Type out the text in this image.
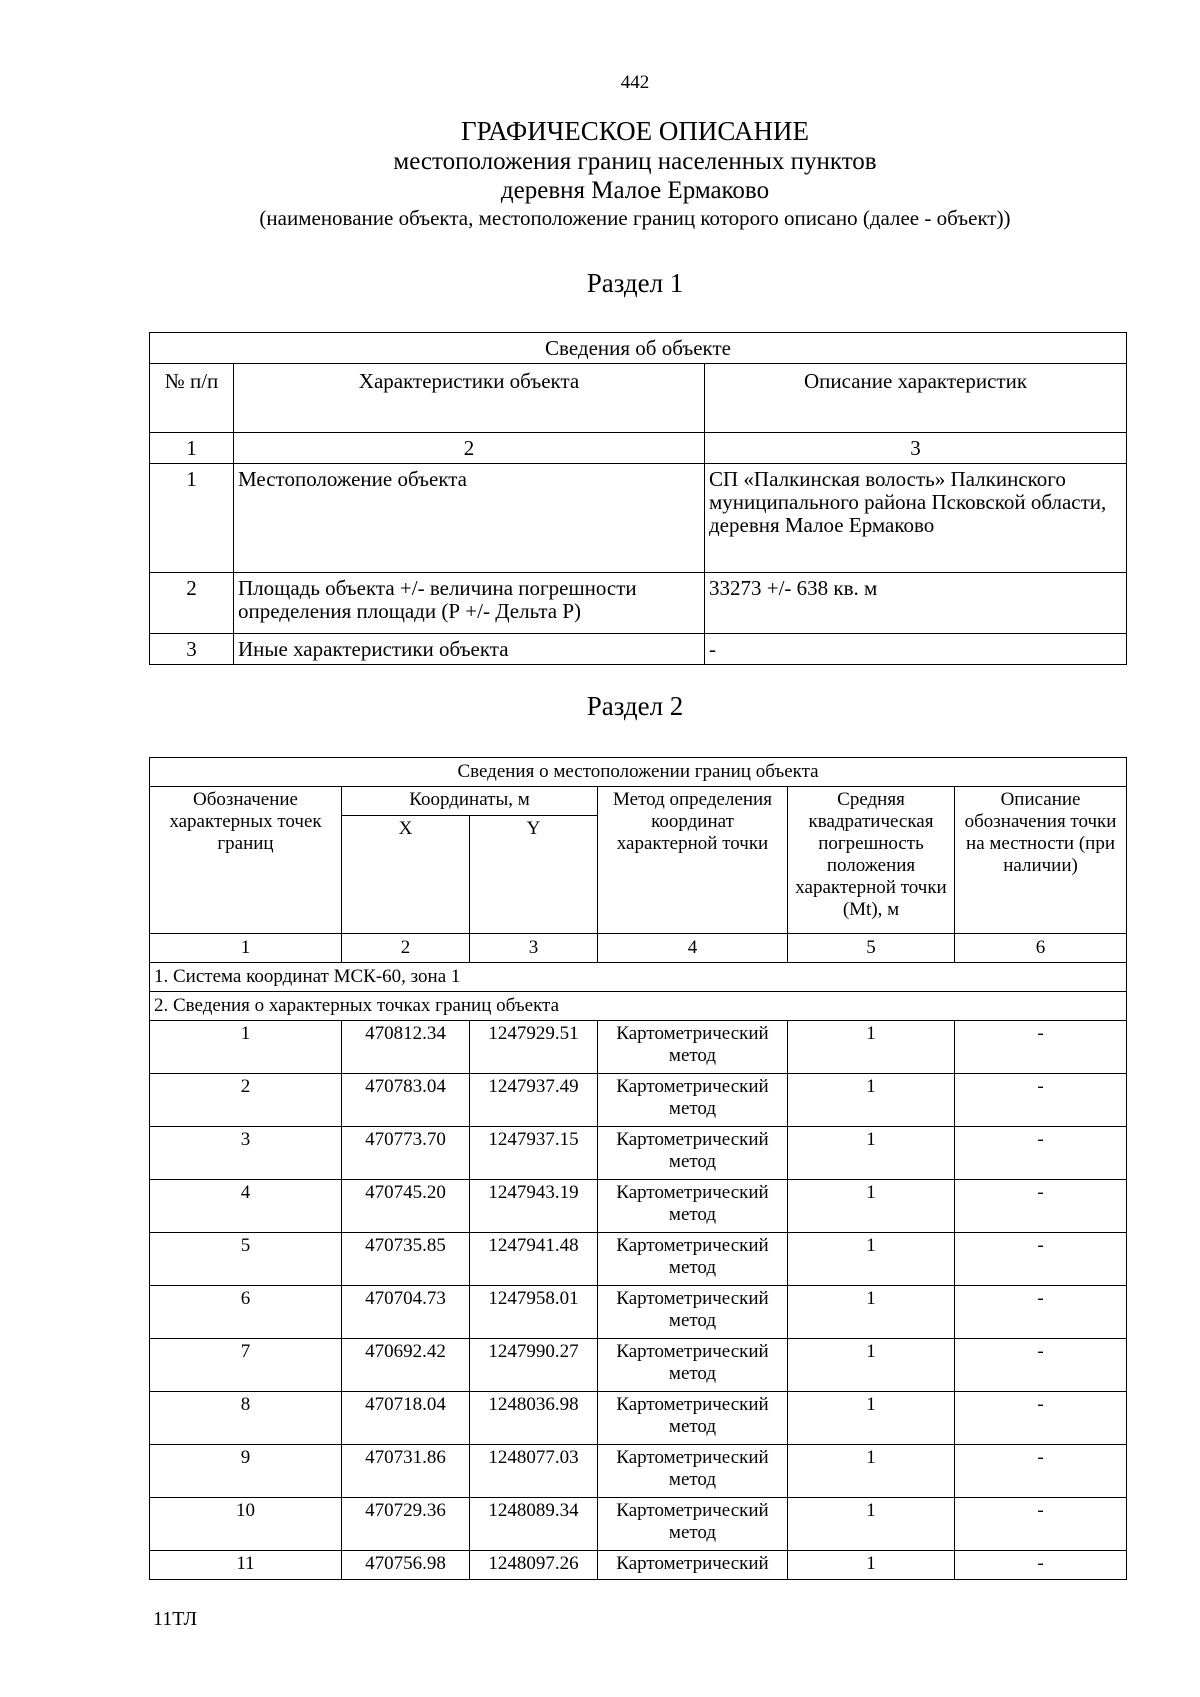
442
ГРАФИЧЕСКОЕ ОПИСАНИЕ
местоположения границ населенных пунктов
деревня Малое Ермаково
(наименование объекта, местоположение границ которого описано (далее - объект))
Раздел 1
Сведения об объекте		
№ п/п	Характеристики объекта	Описание характеристик
1	2	3
1	Местоположение объекта	СП «Палкинская волость» Палкинского муниципального района Псковской области, деревня Малое Ермаково
2	Площадь объекта +/- величина погрешности определения площади (Р +/- Дельта Р)	33273 +/- 638 кв. м
3	Иные характеристики объекта	-
Раздел 2
Сведения о местоположении границ объекта					
Обозначение характерных точек границ	Координаты, м		Метод определения координат характерной точки	Средняя квадратическая погрешность положения характерной точки (Mt), м	Описание обозначения точки на местности (при наличии)
	X	Y			
1	2	3	4	5	6
1. Система координат МСК-60, зона 1					
2. Сведения о характерных точках границ объекта					
1	470812.34	1247929.51	Картометрический метод	1	-
2	470783.04	1247937.49	Картометрический метод	1	-
3	470773.70	1247937.15	Картометрический метод	1	-
4	470745.20	1247943.19	Картометрический метод	1	-
5	470735.85	1247941.48	Картометрический метод	1	-
6	470704.73	1247958.01	Картометрический метод	1	-
7	470692.42	1247990.27	Картометрический метод	1	-
8	470718.04	1248036.98	Картометрический метод	1	-
9	470731.86	1248077.03	Картометрический метод	1	-
10	470729.36	1248089.34	Картометрический метод	1	-
11	470756.98	1248097.26	Картометрический	1	-
11ТЛ
